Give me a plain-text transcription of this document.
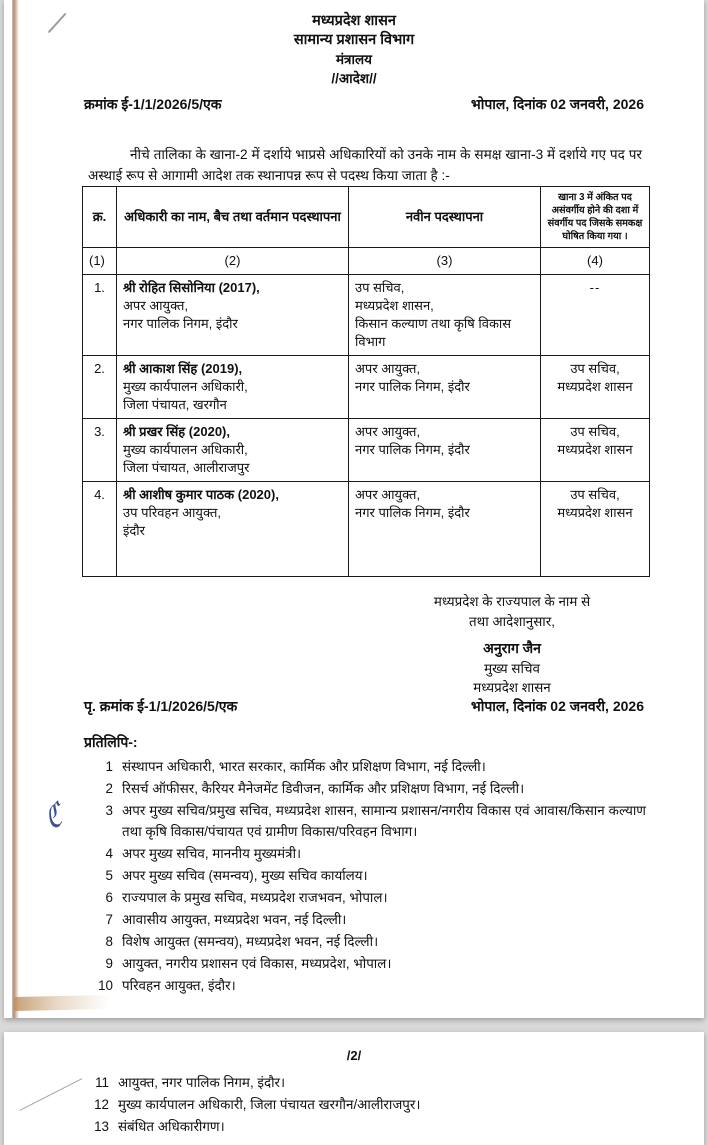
ℭ
मध्यप्रदेश शासन
सामान्य प्रशासन विभाग
मंत्रालय
//आदेश//
क्रमांक ई-1/1/2026/5/एक	भोपाल, दिनांक 02 जनवरी, 2026

नीचे तालिका के खाना-2 में दर्शाये भाप्रसे अधिकारियों को उनके नाम के समक्ष खाना-3 में दर्शाये गए पद पर अस्थाई रूप से आगामी आदेश तक स्थानापन्न रूप से पदस्थ किया जाता है :-

क्र.	अधिकारी का नाम, बैच तथा वर्तमान पदस्थापना	नवीन पदस्थापना	खाना 3 में अंकित पद असंवर्गीय होने की दशा में संवर्गीय पद जिसके समकक्ष घोषित किया गया ।
(1)	(2)	(3)	(4)
1.	श्री रोहित सिसोनिया (2017),
अपर आयुक्त,
नगर पालिक निगम, इंदौर	उप सचिव,
मध्यप्रदेश शासन,
किसान कल्याण तथा कृषि विकास
विभाग	--

2.	श्री आकाश सिंह (2019),
मुख्य कार्यपालन अधिकारी,
जिला पंचायत, खरगौन	अपर आयुक्त,
नगर पालिक निगम, इंदौर	उप सचिव,
मध्यप्रदेश शासन

3.	श्री प्रखर सिंह (2020),
मुख्य कार्यपालन अधिकारी,
जिला पंचायत, आलीराजपुर	अपर आयुक्त,
नगर पालिक निगम, इंदौर	उप सचिव,
मध्यप्रदेश शासन

4.	श्री आशीष कुमार पाठक (2020),
उप परिवहन आयुक्त,
इंदौर	अपर आयुक्त,
नगर पालिक निगम, इंदौर	उप सचिव,
मध्यप्रदेश शासन
मध्यप्रदेश के राज्यपाल के नाम से
तथा आदेशानुसार,
अनुराग जैन
मुख्य सचिव
मध्यप्रदेश शासन
पृ. क्रमांक ई-1/1/2026/5/एक	भोपाल, दिनांक 02 जनवरी, 2026
प्रतिलिपि-:
1 संस्थापन अधिकारी, भारत सरकार, कार्मिक और प्रशिक्षण विभाग, नई दिल्ली।
2 रिसर्च ऑफीसर, कैरियर मैनेजमेंट डिवीजन, कार्मिक और प्रशिक्षण विभाग, नई दिल्ली।
3 अपर मुख्य सचिव/प्रमुख सचिव, मध्यप्रदेश शासन, सामान्य प्रशासन/नगरीय विकास एवं आवास/किसान कल्याण तथा कृषि विकास/पंचायत एवं ग्रामीण विकास/परिवहन विभाग।
4 अपर मुख्य सचिव, माननीय मुख्यमंत्री।
5 अपर मुख्य सचिव (समन्वय), मुख्य सचिव कार्यालय।
6 राज्यपाल के प्रमुख सचिव, मध्यप्रदेश राजभवन, भोपाल।
7 आवासीय आयुक्त, मध्यप्रदेश भवन, नई दिल्ली।
8 विशेष आयुक्त (समन्वय), मध्यप्रदेश भवन, नई दिल्ली।
9 आयुक्त, नगरीय प्रशासन एवं विकास, मध्यप्रदेश, भोपाल।
10 परिवहन आयुक्त, इंदौर।
/2/
11 आयुक्त, नगर पालिक निगम, इंदौर।
12 मुख्य कार्यपालन अधिकारी, जिला पंचायत खरगौन/आलीराजपुर।
13 संबंधित अधिकारीगण।
